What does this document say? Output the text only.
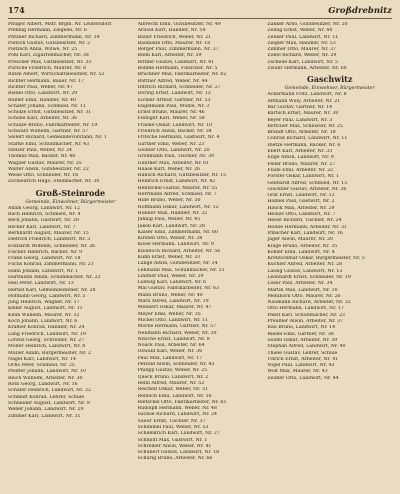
174	Großdrebnitz
Pflüger Albert, Mstr. Brgm. Nr. Leutersdorf
Pfennig Hermann, Ziegelei, Nr. 6
Pfitzner Richard, Zimmermann, Nr. 14
Pietsch Gustav, Gutsbesitzer, Nr. 2
Pietzsch Anna, Witwe, Nr. 25
Pohl Karl, Zigarrenmacher, Nr. 38
Prescher Max, Gutsbesitzer, Nr. 33
Pursche Friedrich, Maurer, Nr. 8
Rätze Albert, Wirtschaftsbesitzer, Nr. 52
Richter Hermann, Bauer, Nr. 17
Richter Paul, Weber, Nr. 47
Riedel Otto, Landwirt, Nr. 29
Rößler Emil, Händler, Nr. 40
Schäfer Johann, Schmied, Nr. 11
Scholze Ernst, Gutsbesitzer, Nr. 31
Schöne Karl, Arbeiter, Nr. 36
Schulze Bruno, Fabrikarbeiter, Nr. 19
Schwarz Wilhelm, Gärtner, Nr. 57
Seifert Richard, Gemeindevorstand, Nr. 1
Starke Emil, Schuhmacher, Nr. 43
Stelzer Paul, Weber, Nr. 24
Thomas Max, Bäcker, Nr. 48
Wagner Gustav, Maurer, Nr. 35
Walter Alwin, Gutsbesitzer, Nr. 22
Weise Otto, Schneider, Nr. 16
Zschiedrich Hugo, Stellmacher, Nr. 30
Groß-Steinrode
Gemeinde, Einwohner, Bürgermeister
Adam Georg, Landwirt, Nr. 12
Bach Heinrich, Schmied, Nr. 4
Beck Johann, Gastwirt, Nr. 20
Becker Karl, Landwirt, Nr. 7
Bernhardt August, Maurer, Nr. 15
Dietrich Friedrich, Landwirt, Nr. 3
Eckhardt Wilhelm, Schneider, Nr. 26
Fischer Heinrich, Bäcker, Nr. 9
Frank Georg, Landwirt, Nr. 18
Fuchs Konrad, Zimmermann, Nr. 21
Hahn Johann, Landwirt, Nr. 1
Hartmann Adam, Schuhmacher, Nr. 23
Heil Peter, Landwirt, Nr. 13
Herbst Karl, Gemeindediener, Nr. 28
Hofmann Georg, Landwirt, Nr. 5
Jung Heinrich, Wagner, Nr. 17
Keller August, Landwirt, Nr. 11
Klein Wilhelm, Maurer, Nr. 32
Koch Johann, Landwirt, Nr. 6
Krämer Konrad, Händler, Nr. 24
Lang Friedrich, Landwirt, Nr. 19
Lorenz Georg, Schreiner, Nr. 27
Möller Heinrich, Landwirt, Nr. 8
Müller Adam, Bürgermeister, Nr. 2
Nagel Karl, Landwirt, Nr. 14
Ochs Peter, Schmied, Nr. 25
Pfeiffer Johann, Landwirt, Nr. 10
Reich Wilhelm, Arbeiter, Nr. 30
Roth Georg, Landwirt, Nr. 16
Schäfer Heinrich, Landwirt, Nr. 22
Schmidt Konrad, Lehrer, Schule
Schneider August, Landwirt, Nr. 9
Weber Johann, Landwirt, Nr. 29
Zimmer Karl, Landwirt, Nr. 31
Albrecht Emil, Gutsbesitzer, Nr. 49
Arnold Kurt, Händler, Nr. 54
Bauer Friedrich, Weber, Nr. 21
Baumann Otto, Maurer, Nr. 18
Berger Paul, Zimmermann, Nr. 37
Biehl Karl, Arbeiter, Nr. 59
Bittner Gustav, Landwirt, Nr. 41
Böhme Hermann, Fleischer, Nr. 5
Brückner Max, Fabrikarbeiter, Nr. 62
Büttner Alfred, Weber, Nr. 44
Dittrich Richard, Schneider, Nr. 27
Döring Ernst, Landwirt, Nr. 13
Eichler Arthur, Gärtner, Nr. 53
Engelmann Paul, Mühle, Nr. 3
Ernst Bruno, Maurer, Nr. 46
Fiebiger Karl, Weber, Nr. 58
Franke Oskar, Landwirt, Nr. 10
Friedrich Alwin, Bäcker, Nr. 34
Fritsche Hermann, Gastwirt, Nr. 4
Gärtner Emil, Weber, Nr. 23
Geißler Otto, Landwirt, Nr. 20
Grohmann Paul, Tischler, Nr. 39
Günther Max, Arbeiter, Nr. 61
Haase Kurt, Weber, Nr. 26
Hänsch Richard, Gutsbesitzer, Nr. 15
Heinrich Ernst, Landwirt, Nr. 42
Hentschel Gustav, Maurer, Nr. 55
Herrmann Alfred, Schmied, Nr. 7
Hille Bruno, Weber, Nr. 50
Hoffmann Oskar, Landwirt, Nr. 12
Hübner Max, Händler, Nr. 32
Jähnig Paul, Weber, Nr. 45
Jakob Karl, Landwirt, Nr. 28
Kaiser Emil, Zimmermann, Nr. 60
Kirsten Otto, Weber, Nr. 38
Klose Hermann, Landwirt, Nr. 9
Knobloch Richard, Arbeiter, Nr. 56
Kühn Ernst, Weber, Nr. 33
Lange Alwin, Gutsbesitzer, Nr. 14
Lehmann Max, Schuhmacher, Nr. 51
Lindner Paul, Weber, Nr. 29
Ludwig Karl, Landwirt, Nr. 6
Mai Gustav, Fabrikarbeiter, Nr. 63
Mann Bruno, Weber, Nr. 40
Marx Alfred, Landwirt, Nr. 19
Mehnert Oskar, Maurer, Nr. 47
Meyer Emil, Weber, Nr. 35
Michel Otto, Landwirt, Nr. 11
Mörbe Hermann, Gärtner, Nr. 57
Neumann Richard, Weber, Nr. 30
Nitsche Ernst, Landwirt, Nr. 8
Noack Paul, Arbeiter, Nr. 64
Oswald Karl, Weber, Nr. 36
Paul Max, Landwirt, Nr. 17
Petzold Alwin, Schneider, Nr. 43
Philipp Gustav, Weber, Nr. 25
Queck Bruno, Landwirt, Nr. 2
Rehn Alfred, Maurer, Nr. 52
Reichelt Oskar, Weber, Nr. 31
Rentsch Emil, Landwirt, Nr. 16
Rietschel Otto, Fabrikarbeiter, Nr. 65
Rudolph Hermann, Weber, Nr. 48
Sachse Richard, Landwirt, Nr. 24
Sauer Ernst, Tischler, Nr. 37
Schimmel Paul, Weber, Nr. 53
Schlenkrich Karl, Landwirt, Nr. 27
Schmidt Max, Gastwirt, Nr. 1
Schreiber Alwin, Weber, Nr. 41
Schubert Gustav, Landwirt, Nr. 18
Schurig Bruno, Arbeiter, Nr. 66
Zänker Arno, Gutsbesitzer, Nr. 20
Zeibig Ernst, Weber, Nr. 44
Zenker Paul, Landwirt, Nr. 11
Ziegler Max, Händler, Nr. 53
Zimmer Otto, Maurer, Nr. 37
Zobel Richard, Weber, Nr. 29
Zscheile Karl, Landwirt, Nr. 5
Zwahr Hermann, Arbeiter, Nr. 60
Gaschwitz
Gemeinde, Einwohner, Bürgermeister
Ackermann Fritz, Landwirt, Nr. 8
Altmann Willy, Arbeiter, Nr. 21
Bär Gustav, Gärtner, Nr. 14
Bartsch Ernst, Maurer, Nr. 30
Beyer Paul, Landwirt, Nr. 3
Böttcher Max, Schlosser, Nr. 25
Brandt Otto, Arbeiter, Nr. 18
Conrad Richard, Landwirt, Nr. 11
Dietze Hermann, Bäcker, Nr. 6
Ebert Karl, Arbeiter, Nr. 33
Enge Alwin, Landwirt, Nr. 9
Feller Bruno, Maurer, Nr. 27
Flade Emil, Arbeiter, Nr. 22
Förster Oskar, Landwirt, Nr. 1
Gebhardt Alfred, Schmied, Nr. 15
Glöckner Gustav, Arbeiter, Nr. 36
Graf Ernst, Landwirt, Nr. 12
Hähnel Paul, Gastwirt, Nr. 2
Hauck Max, Arbeiter, Nr. 29
Heinze Otto, Landwirt, Nr. 7
Hesse Richard, Tischler, Nr. 24
Höhne Hermann, Arbeiter, Nr. 31
Irmscher Karl, Landwirt, Nr. 16
Jäger Alwin, Maurer, Nr. 20
Kluge Bruno, Arbeiter, Nr. 35
Köhler Emil, Landwirt, Nr. 4
Kretzschmar Oskar, Bürgermeister, Nr. 5
Küchler Alfred, Arbeiter, Nr. 28
Lässig Gustav, Landwirt, Nr. 13
Leonhardt Ernst, Schneider, Nr. 19
Löser Paul, Arbeiter, Nr. 34
Martin Max, Landwirt, Nr. 10
Mehlhorn Otto, Maurer, Nr. 26
Naumann Richard, Arbeiter, Nr. 32
Otto Hermann, Landwirt, Nr. 17
Pabst Karl, Schuhmacher, Nr. 23
Preußler Alwin, Arbeiter, Nr. 37
Rau Bruno, Landwirt, Nr. 14
Riedel Emil, Gärtner, Nr. 38
Seidel Oskar, Arbeiter, Nr. 39
Stephan Alfred, Landwirt, Nr. 40
Thiele Gustav, Lehrer, Schule
Ullrich Ernst, Arbeiter, Nr. 41
Vogel Paul, Landwirt, Nr. 42
Wolf Max, Maurer, Nr. 43
Zeidler Otto, Landwirt, Nr. 44
